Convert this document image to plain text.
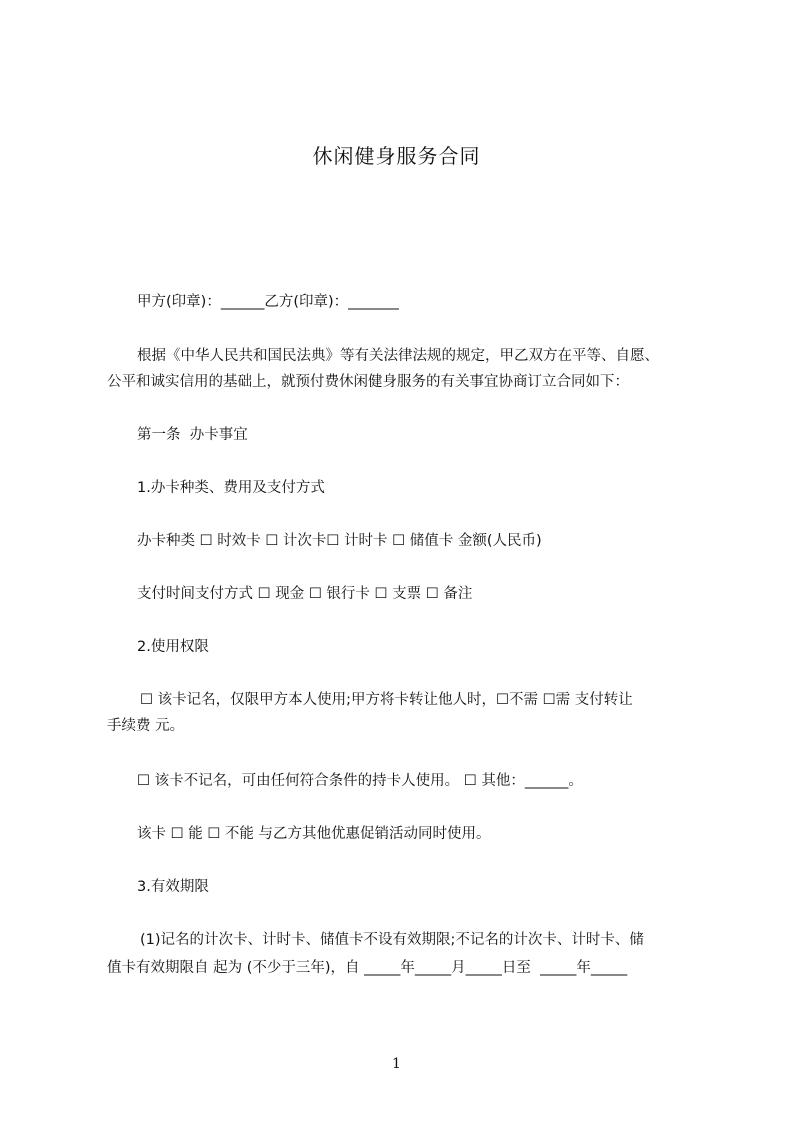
休闲健身服务合同
甲方(印章)：______乙方(印章)：_______
根据《中华人民共和国民法典》等有关法律法规的规定，甲乙双方在平等、自愿、
公平和诚实信用的基础上，就预付费休闲健身服务的有关事宜协商订立合同如下：
第一条  办卡事宜
1.办卡种类、费用及支付方式
办卡种类 ☐ 时效卡 ☐ 计次卡☐ 计时卡 ☐ 储值卡 金额(人民币)
支付时间支付方式 ☐ 现金 ☐ 银行卡 ☐ 支票 ☐ 备注
2.使用权限
☐ 该卡记名，仅限甲方本人使用;甲方将卡转让他人时，☐不需 ☐需 支付转让
手续费 元。
☐ 该卡不记名，可由任何符合条件的持卡人使用。 ☐ 其他：______。
该卡 ☐ 能 ☐ 不能 与乙方其他优惠促销活动同时使用。
3.有效期限
(1)记名的计次卡、计时卡、储值卡不设有效期限;不记名的计次卡、计时卡、储
值卡有效期限自 起为 (不少于三年)，自 _____年_____月_____日至  _____年_____
1
